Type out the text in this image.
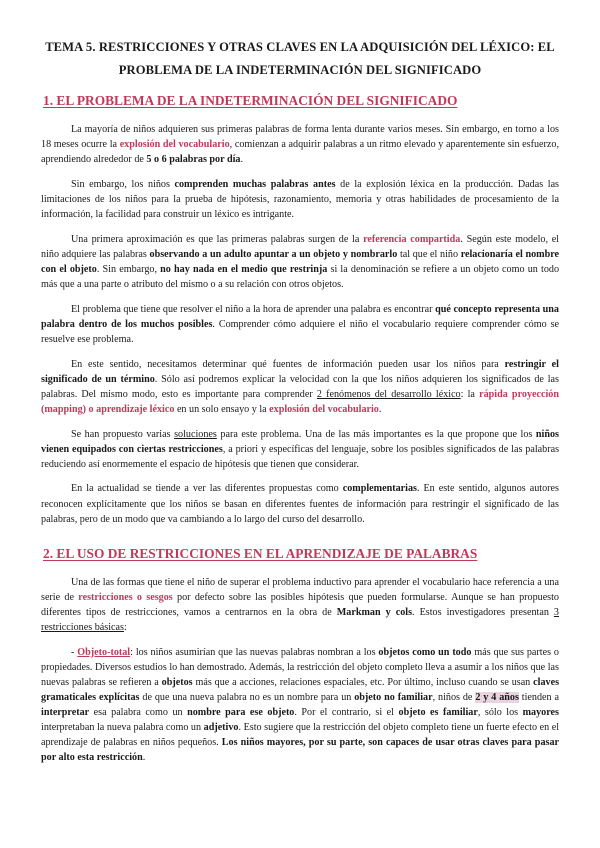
TEMA 5. RESTRICCIONES Y OTRAS CLAVES EN LA ADQUISICIÓN DEL LÉXICO: EL
PROBLEMA DE LA INDETERMINACIÓN DEL SIGNIFICADO
1. EL PROBLEMA DE LA INDETERMINACIÓN DEL SIGNIFICADO

La mayoría de niños adquieren sus primeras palabras de forma lenta durante varios meses. Sin embargo, en torno a los 18 meses ocurre la explosión del vocabulario, comienzan a adquirir palabras a un ritmo elevado y aparentemente sin esfuerzo, aprendiendo alrededor de 5 o 6 palabras por día.

Sin embargo, los niños comprenden muchas palabras antes de la explosión léxica en la producción. Dadas las limitaciones de los niños para la prueba de hipótesis, razonamiento, memoria y otras habilidades de procesamiento de la información, la facilidad para construir un léxico es intrigante.

Una primera aproximación es que las primeras palabras surgen de la referencia compartida. Según este modelo, el niño adquiere las palabras observando a un adulto apuntar a un objeto y nombrarlo tal que el niño relacionaría el nombre con el objeto. Sin embargo, no hay nada en el medio que restrinja si la denominación se refiere a un objeto como un todo más que a una parte o atributo del mismo o a su relación con otros objetos.

El problema que tiene que resolver el niño a la hora de aprender una palabra es encontrar qué concepto representa una palabra dentro de los muchos posibles. Comprender cómo adquiere el niño el vocabulario requiere comprender cómo se resuelve ese problema.

En este sentido, necesitamos determinar qué fuentes de información pueden usar los niños para restringir el significado de un término. Sólo así podremos explicar la velocidad con la que los niños adquieren los significados de las palabras. Del mismo modo, esto es importante para comprender 2 fenómenos del desarrollo léxico: la rápida proyección (mapping) o aprendizaje léxico en un solo ensayo y la explosión del vocabulario.

Se han propuesto varias soluciones para este problema. Una de las más importantes es la que propone que los niños vienen equipados con ciertas restricciones, a priori y específicas del lenguaje, sobre los posibles significados de las palabras reduciendo así enormemente el espacio de hipótesis que tienen que considerar.

En la actualidad se tiende a ver las diferentes propuestas como complementarias. En este sentido, algunos autores reconocen explícitamente que los niños se basan en diferentes fuentes de información para restringir el significado de las palabras, pero de un modo que va cambiando a lo largo del curso del desarrollo.

2. EL USO DE RESTRICCIONES EN EL APRENDIZAJE DE PALABRAS

Una de las formas que tiene el niño de superar el problema inductivo para aprender el vocabulario hace referencia a una serie de restricciones o sesgos por defecto sobre las posibles hipótesis que pueden formularse. Aunque se han propuesto diferentes tipos de restricciones, vamos a centrarnos en la obra de Markman y cols. Estos investigadores presentan 3 restricciones básicas:

- Objeto-total: los niños asumirían que las nuevas palabras nombran a los objetos como un todo más que sus partes o propiedades. Diversos estudios lo han demostrado. Además, la restricción del objeto completo lleva a asumir a los niños que las nuevas palabras se refieren a objetos más que a acciones, relaciones espaciales, etc. Por último, incluso cuando se usan claves gramaticales explícitas de que una nueva palabra no es un nombre para un objeto no familiar, niños de 2 y 4 años tienden a interpretar esa palabra como un nombre para ese objeto. Por el contrario, si el objeto es familiar, sólo los mayores interpretaban la nueva palabra como un adjetivo. Esto sugiere que la restricción del objeto completo tiene un fuerte efecto en el aprendizaje de palabras en niños pequeños. Los niños mayores, por su parte, son capaces de usar otras claves para pasar por alto esta restricción.
